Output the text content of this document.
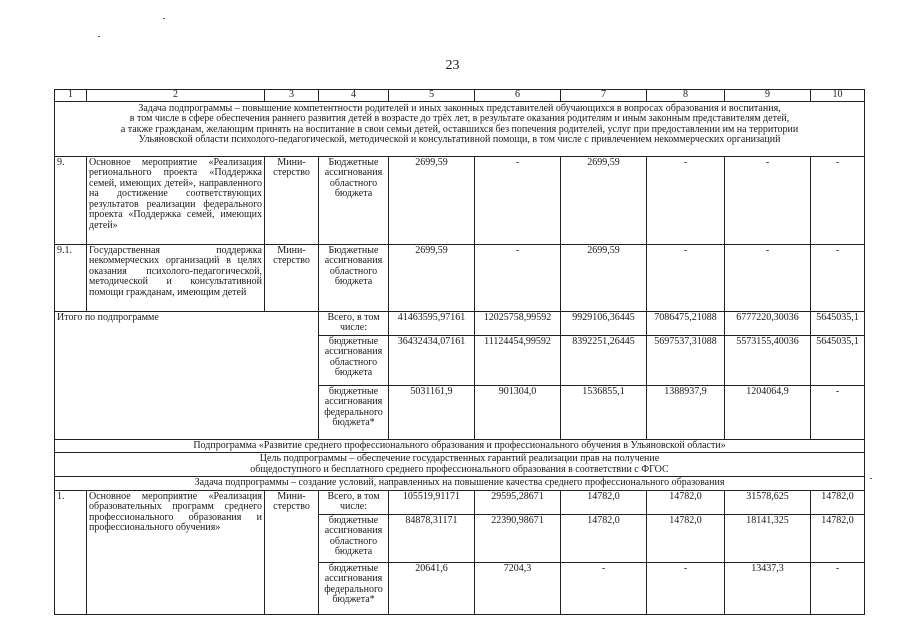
23
1	2	3	4	5	6	7	8	9	10

Задача подпрограммы – повышение компетентности родителей и иных законных представителей обучающихся в вопросах образования и воспитания,
в том числе в сфере обеспечения раннего развития детей в возрасте до трёх лет, в результате оказания родителям и иным законным представителям детей,
а также гражданам, желающим принять на воспитание в свои семьи детей, оставшихся без попечения родителей, услуг при предоставлении им на территории
Ульяновской области психолого-педагогической, методической и консультативной помощи, в том числе с привлечением некоммерческих организаций									

9.	Основное мероприятие «Реализация регионального проекта «Поддержка семей, имеющих детей», направленного на достижение соответствующих результатов реализации федерального проекта «Поддержка семей, имеющих детей»	Мини-стерство	Бюджетные ассигнования областного бюджета	2699,59	-	2699,59	-	-	-
9.1.	Государственная поддержка некоммерческих организаций в целях оказания психолого-педагогической, методической и консультативной помощи гражданам, имеющим детей	Мини-стерство	Бюджетные ассигнования областного бюджета	2699,59	-	2699,59	-	-	-
Итого по подпрограмме			Всего, в том числе:	41463595,97161	12025758,99592	9929106,36445	7086475,21088	6777220,30036	5645035,1
			бюджетные ассигнования областного бюджета	36432434,07161	11124454,99592	8392251,26445	5697537,31088	5573155,40036	5645035,1
			бюджетные ассигнования федерального бюджета*	5031161,9	901304,0	1536855,1	1388937,9	1204064,9	-
Подпрограмма «Развитие среднего профессионального образования и профессионального обучения в Ульяновской области»									

Цель подпрограммы – обеспечение государственных гарантий реализации прав на получение
общедоступного и бесплатного среднего профессионального образования в соответствии с ФГОС									

Задача подпрограммы – создание условий, направленных на повышение качества среднего профессионального образования									
1.	Основное мероприятие «Реализация образовательных программ среднего профессионального образования и профессионального обучения»	Мини-стерство	Всего, в том числе:	105519,91171	29595,28671	14782,0	14782,0	31578,625	14782,0
			бюджетные ассигнования областного бюджета	84878,31171	22390,98671	14782,0	14782,0	18141,325	14782,0
			бюджетные ассигнования федерального бюджета*	20641,6	7204,3	-	-	13437,3	-
